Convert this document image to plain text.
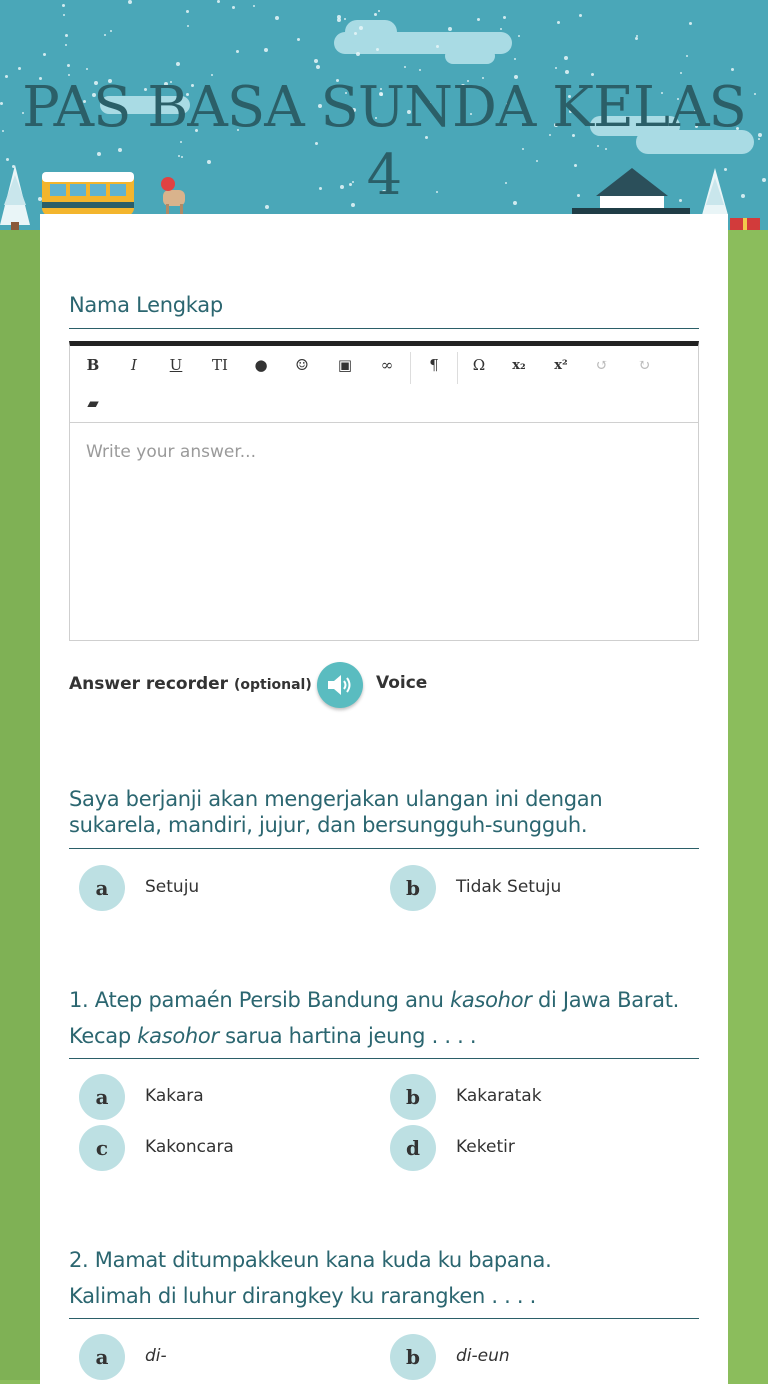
PAS BASA SUNDA KELAS 4
Nama Lengkap
B	I	U	TI	●	☺	▣	∞	¶	Ω	x₂	x²	↺	↻
▰
Write your answer...
Answer recorder (optional)	Voice
Saya berjanji akan mengerjakan ulangan ini dengan
sukarela, mandiri, jujur, dan bersungguh-sungguh.
a	Setuju	b	Tidak Setuju
1. Atep pamaén Persib Bandung anu kasohor di Jawa Barat.
Kecap kasohor sarua hartina jeung . . . .
a	Kakara	b	Kakaratak
c	Kakoncara	d	Keketir
2. Mamat ditumpakkeun kana kuda ku bapana.
Kalimah di luhur dirangkey ku rarangken . . . .
a	di-	b	di-eun
